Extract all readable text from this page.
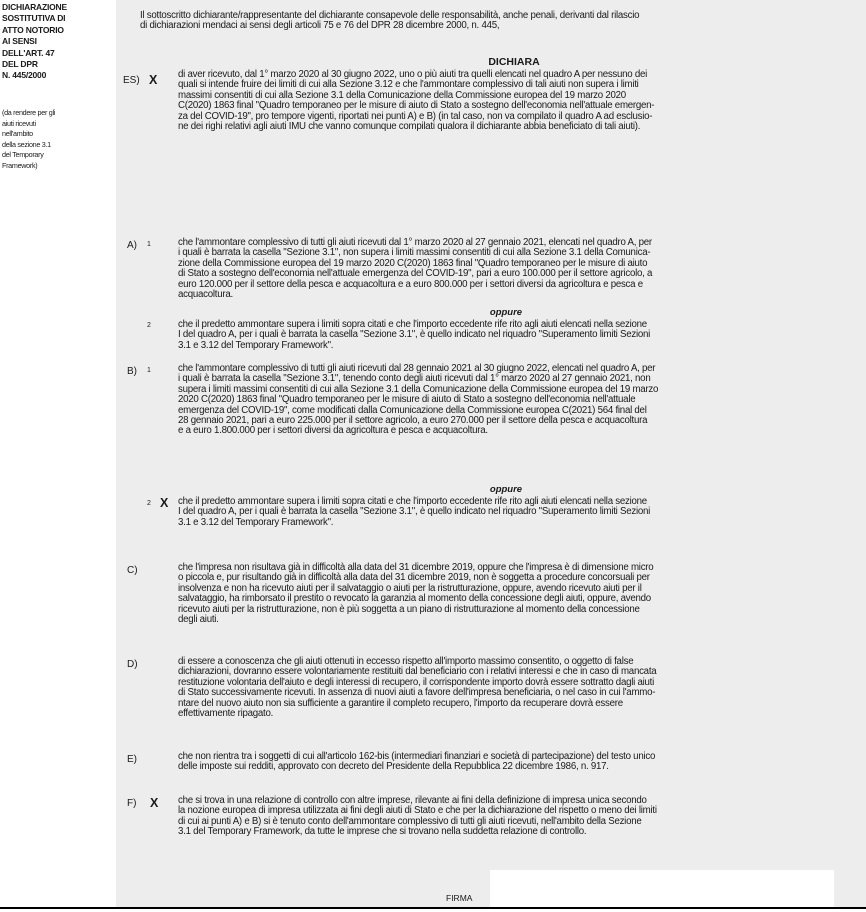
DICHIARAZIONE
SOSTITUTIVA DI
ATTO NOTORIO
AI SENSI
DELL'ART. 47
DEL DPR
N. 445/2000
(da rendere per gli
aiuti ricevuti
nell'ambito
della sezione 3.1
del Temporary
Framework)
Il sottoscritto dichiarante/rappresentante del dichiarante consapevole delle responsabilità, anche penali, derivanti dal rilascio
di dichiarazioni mendaci ai sensi degli articoli 75 e 76 del DPR 28 dicembre 2000, n. 445,
DICHIARA
ES) X di aver ricevuto, dal 1° marzo 2020 al 30 giugno 2022, uno o più aiuti tra quelli elencati nel quadro A per nessuno dei
quali si intende fruire dei limiti di cui alla Sezione 3.12 e che l'ammontare complessivo di tali aiuti non supera i limiti
massimi consentiti di cui alla Sezione 3.1 della Comunicazione della Commissione europea del 19 marzo 2020
C(2020) 1863 final "Quadro temporaneo per le misure di aiuto di Stato a sostegno dell'economia nell'attuale emergen-
za del COVID-19", pro tempore vigenti, riportati nei punti A) e B) (in tal caso, non va compilato il quadro A ad esclusio-
ne dei righi relativi agli aiuti IMU che vanno comunque compilati qualora il dichiarante abbia beneficiato di tali aiuti).
A) 1	che l'ammontare complessivo di tutti gli aiuti ricevuti dal 1° marzo 2020 al 27 gennaio 2021, elencati nel quadro A, per
i quali è barrata la casella "Sezione 3.1", non supera i limiti massimi consentiti di cui alla Sezione 3.1 della Comunica-
zione della Commissione europea del 19 marzo 2020 C(2020) 1863 final "Quadro temporaneo per le misure di aiuto
di Stato a sostegno dell'economia nell'attuale emergenza del COVID-19", pari a euro 100.000 per il settore agricolo, a
euro 120.000 per il settore della pesca e acquacoltura e a euro 800.000 per i settori diversi da agricoltura e pesca e
acquacoltura.
oppure
2	che il predetto ammontare supera i limiti sopra citati e che l'importo eccedente rife rito agli aiuti elencati nella sezione
I del quadro A, per i quali è barrata la casella "Sezione 3.1", è quello indicato nel riquadro "Superamento limiti Sezioni
3.1 e 3.12 del Temporary Framework".
B) 1	che l'ammontare complessivo di tutti gli aiuti ricevuti dal 28 gennaio 2021 al 30 giugno 2022, elencati nel quadro A, per
i quali è barrata la casella "Sezione 3.1", tenendo conto degli aiuti ricevuti dal 1° marzo 2020 al 27 gennaio 2021, non
supera i limiti massimi consentiti di cui alla Sezione 3.1 della Comunicazione della Commissione europea del 19 marzo
2020 C(2020) 1863 final "Quadro temporaneo per le misure di aiuto di Stato a sostegno dell'economia nell'attuale
emergenza del COVID-19", come modificati dalla Comunicazione della Commissione europea C(2021) 564 final del
28 gennaio 2021, pari a euro 225.000 per il settore agricolo, a euro 270.000 per il settore della pesca e acquacoltura
e a euro 1.800.000 per i settori diversi da agricoltura e pesca e acquacoltura.
oppure
2 X che il predetto ammontare supera i limiti sopra citati e che l'importo eccedente rife rito agli aiuti elencati nella sezione
I del quadro A, per i quali è barrata la casella "Sezione 3.1", è quello indicato nel riquadro "Superamento limiti Sezioni
3.1 e 3.12 del Temporary Framework".
C)	che l'impresa non risultava già in difficoltà alla data del 31 dicembre 2019, oppure che l'impresa è di dimensione micro
o piccola e, pur risultando già in difficoltà alla data del 31 dicembre 2019, non è soggetta a procedure concorsuali per
insolvenza e non ha ricevuto aiuti per il salvataggio o aiuti per la ristrutturazione, oppure, avendo ricevuto aiuti per il
salvataggio, ha rimborsato il prestito o revocato la garanzia al momento della concessione degli aiuti, oppure, avendo
ricevuto aiuti per la ristrutturazione, non è più soggetta a un piano di ristrutturazione al momento della concessione
degli aiuti.
D)	di essere a conoscenza che gli aiuti ottenuti in eccesso rispetto all'importo massimo consentito, o oggetto di false
dichiarazioni, dovranno essere volontariamente restituiti dal beneficiario con i relativi interessi e che in caso di mancata
restituzione volontaria dell'aiuto e degli interessi di recupero, il corrispondente importo dovrà essere sottratto dagli aiuti
di Stato successivamente ricevuti. In assenza di nuovi aiuti a favore dell'impresa beneficiaria, o nel caso in cui l'ammo-
ntare del nuovo aiuto non sia sufficiente a garantire il completo recupero, l'importo da recuperare dovrà essere
effettivamente ripagato.
E)	che non rientra tra i soggetti di cui all'articolo 162-bis (intermediari finanziari e società di partecipazione) del testo unico
delle imposte sui redditi, approvato con decreto del Presidente della Repubblica 22 dicembre 1986, n. 917.
F) X che si trova in una relazione di controllo con altre imprese, rilevante ai fini della definizione di impresa unica secondo
la nozione europea di impresa utilizzata ai fini degli aiuti di Stato e che per la dichiarazione del rispetto o meno dei limiti
di cui ai punti A) e B) si è tenuto conto dell'ammontare complessivo di tutti gli aiuti ricevuti, nell'ambito della Sezione
3.1 del Temporary Framework, da tutte le imprese che si trovano nella suddetta relazione di controllo.
FIRMA
